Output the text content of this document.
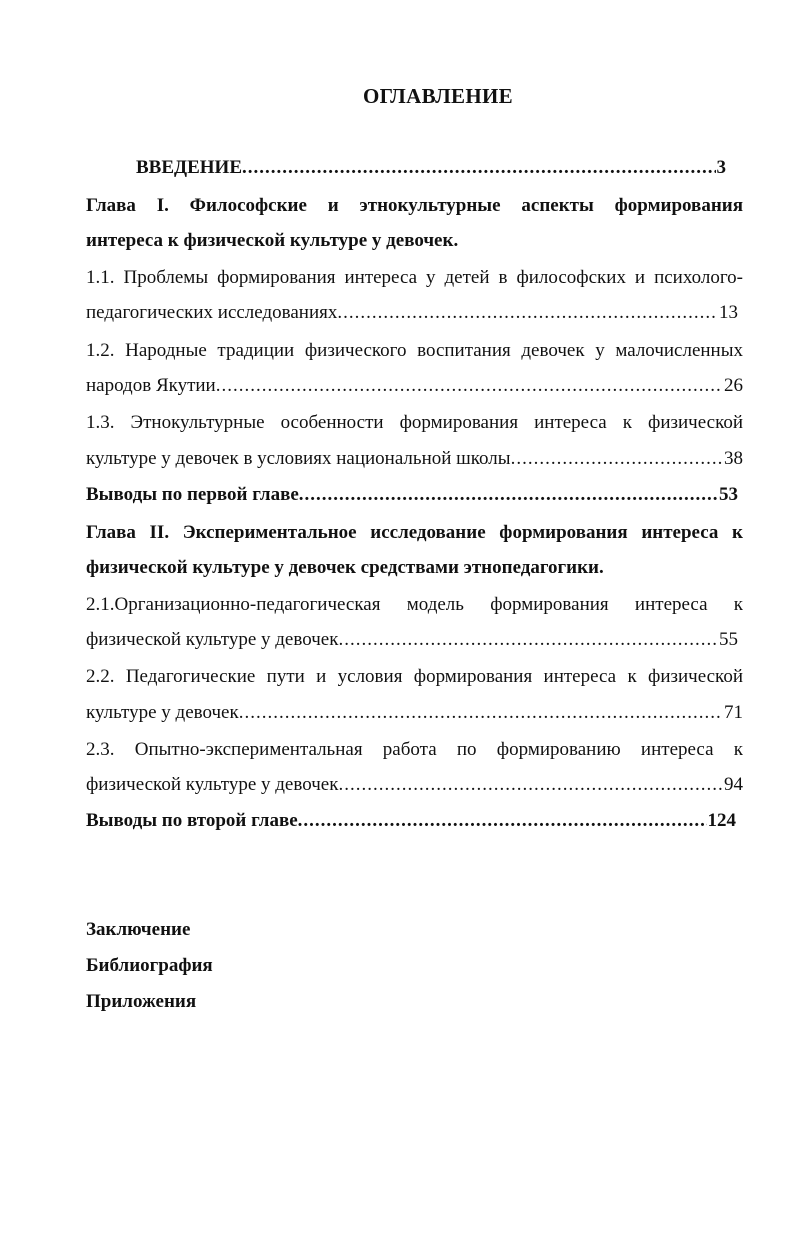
ОГЛАВЛЕНИЕ
ВВЕДЕНИЕ .....	3
Глава I. Философские и этнокультурные аспекты формирования
интереса к физической культуре у девочек.
1.1. Проблемы формирования интереса у детей в философских и психолого-
педагогических исследованиях .....	13
1.2. Народные традиции физического воспитания девочек у малочисленных
народов Якутии .....	26
1.3. Этнокультурные особенности формирования интереса к физической
культуре у девочек в условиях национальной школы .....	38
Выводы по первой главе .....	53
Глава II. Экспериментальное исследование формирования интереса к
физической культуре у девочек средствами этнопедагогики.
2.1.Организационно-педагогическая модель формирования интереса к
физической культуре у девочек .....	55
2.2. Педагогические пути и условия формирования интереса к физической
культуре у девочек .....	71
2.3. Опытно-экспериментальная работа по формированию интереса к
физической культуре у девочек .....	94
Выводы по второй главе .....	124
Заключение
Библиография
Приложения
